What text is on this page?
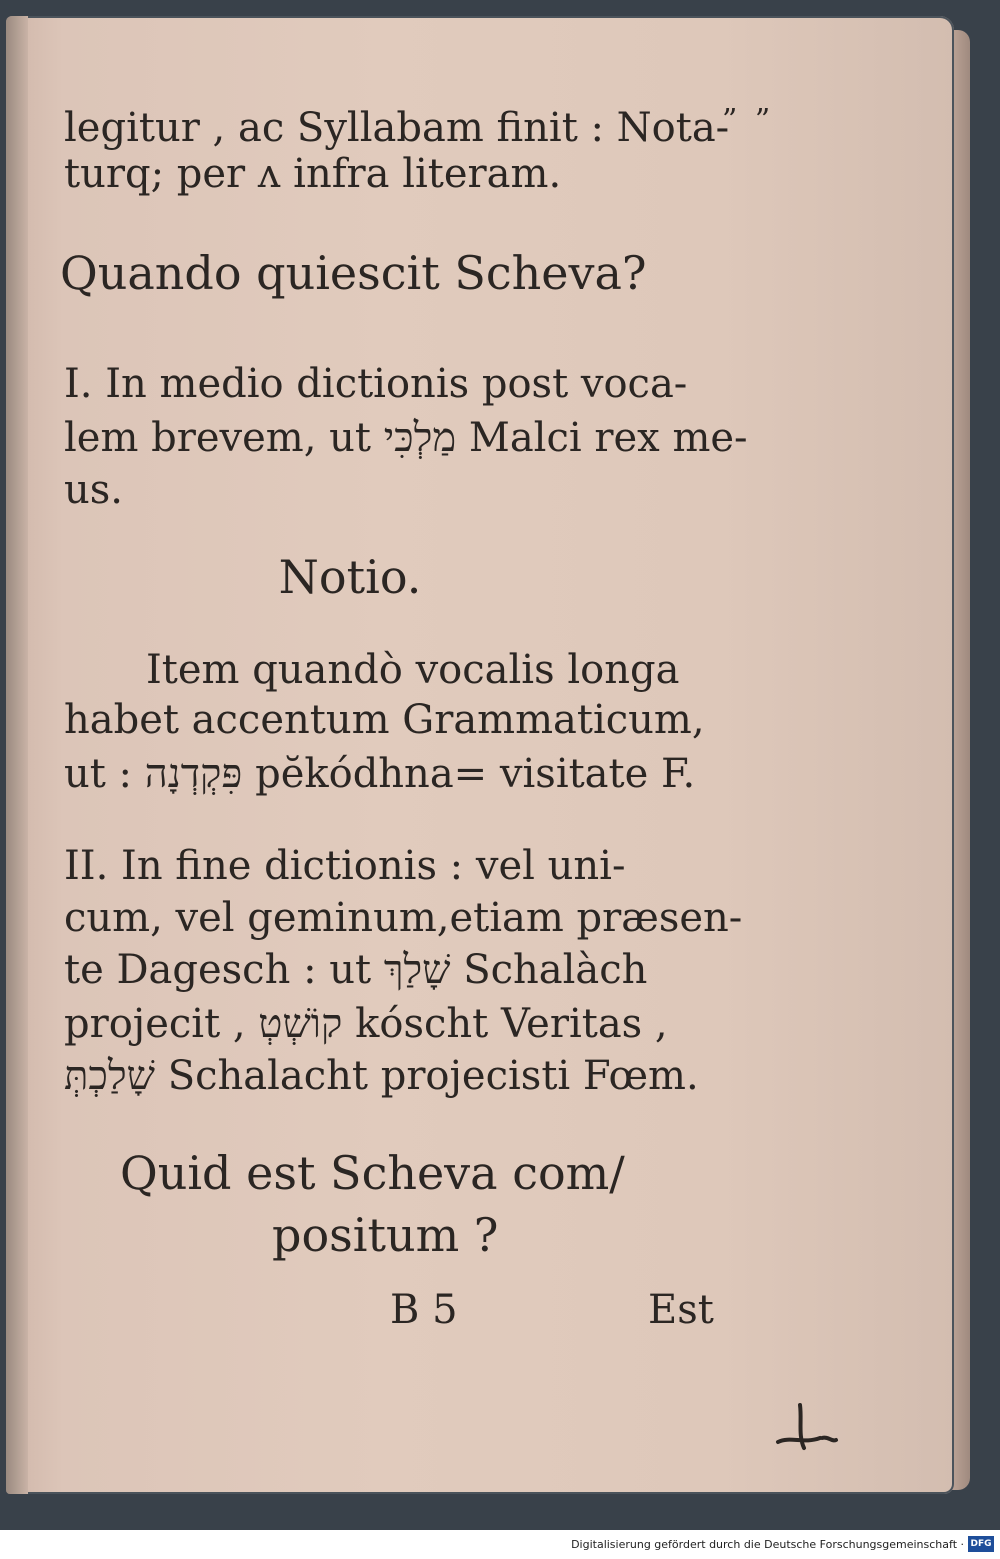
” ”
legitur , ac Syllabam finit : Nota-
turq; per ʌ infra literam.
Quando quiescit Scheva?
I. In medio dictionis post voca-
lem brevem, ut מַלְכִּי Malci rex me-
us.
Notio.
Item quandò vocalis longa
habet accentum Grammaticum,
ut : פִּקְדְנָה pĕkódhna= visitate F.
II. In fine dictionis : vel uni-
cum, vel geminum,etiam præsen-
te Dagesch : ut שָׁלַךְ Schalàch
projecit , קוֹשְׁטְ kóscht Veritas ,
שָׁלַכְתְּ Schalacht projecisti Fœm.
Quid est Scheva com/
positum ?
B 5	Est
Digitalisierung gefördert durch die Deutsche Forschungsgemeinschaft · DFG
